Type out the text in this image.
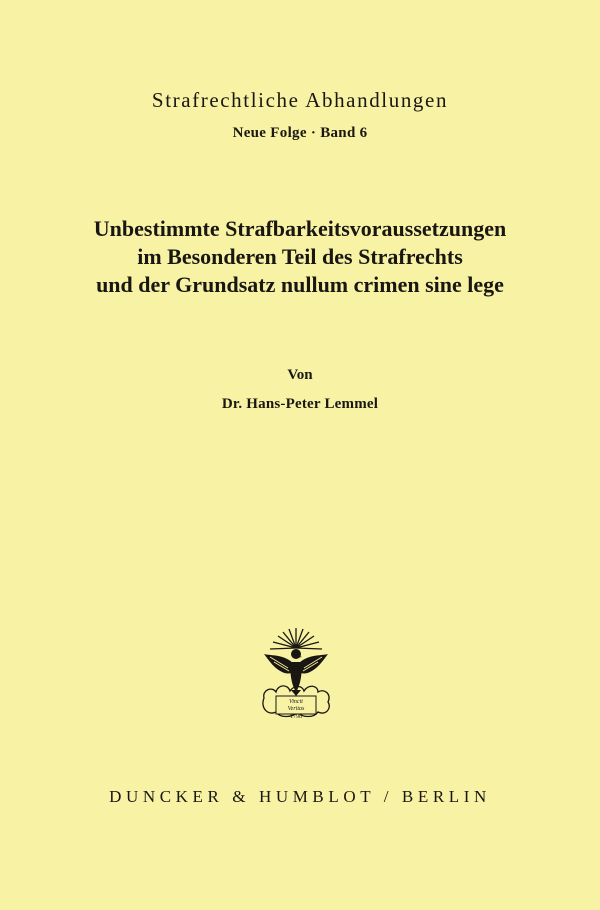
Strafrechtliche Abhandlungen
Neue Folge · Band 6
Unbestimmte Strafbarkeitsvoraussetzungen
im Besonderen Teil des Strafrechts
und der Grundsatz nullum crimen sine lege
Von
Dr. Hans-Peter Lemmel
Vincit
Veritas
1798
DUNCKER & HUMBLOT / BERLIN
